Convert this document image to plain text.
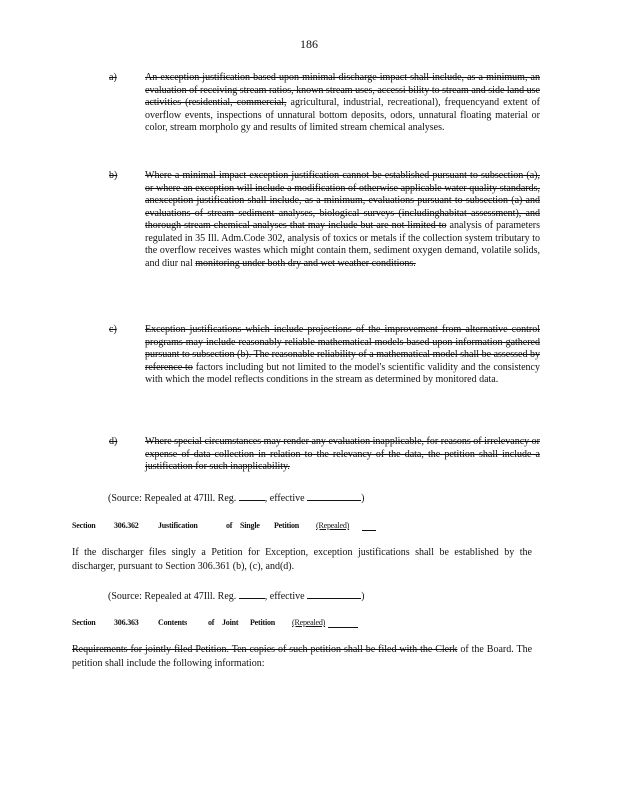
186
a)	An exception justification based upon minimal discharge impact shall include, as a minimum, an evaluation of receiving stream ratios, known stream uses, accessi bility to stream and side land use activities (residential, commercial, agricultural, industrial, recreational), frequencyand extent of overflow events, inspections of unnatural bottom deposits, odors, unnatural floating material or color, stream morpholo gy and results of limited stream chemical analyses.
b)	Where a minimal impact exception justification cannot be established pursuant to subsection (a), or where an exception will include a modification of otherwise applicable water quality standards, anexception justification shall include, as a minimum, evaluations pursuant to subsection (a) and evaluations of stream sediment analyses, biological surveys (includinghabitat assessment), and thorough stream chemical analyses that may include but are not limited to analysis of parameters regulated in 35 Ill. Adm.Code 302, analysis of toxics or metals if the collection system tributary to the overflow receives wastes which might contain them, sediment oxygen demand, volatile solids, and diur nal monitoring under both dry and wet weather conditions.
c)	Exception justifications which include projections of the improvement from alternative control programs may include reasonably reliable mathematical models based upon information gathered pursuant to subsection (b). The reasonable reliability of a mathematical model shall be assessed by reference to factors including but not limited to the model's scientific validity and the consistency with which the model reflects conditions in the stream as determined by monitored data.
d)	Where special circumstances may render any evaluation inapplicable, for reasons of irrelevancy or expense of data collection in relation to the relevancy of the data, the petition shall include a justification for such inapplicability.
(Source: Repealed at 47Ill. Reg.	, effective	)
Section 306.362 Justification	of Single Petition (Repealed)
If the discharger files singly a Petition for Exception, exception justifications shall be established by the discharger, pursuant to Section 306.361 (b), (c), and(d).
(Source: Repealed at 47Ill. Reg.	, effective	)
Section 306.363 Contents	of Joint Petition (Repealed)
Requirements for jointly filed Petition. Ten copies of such petition shall be filed with the Clerk of the Board. The petition shall include the following information:
